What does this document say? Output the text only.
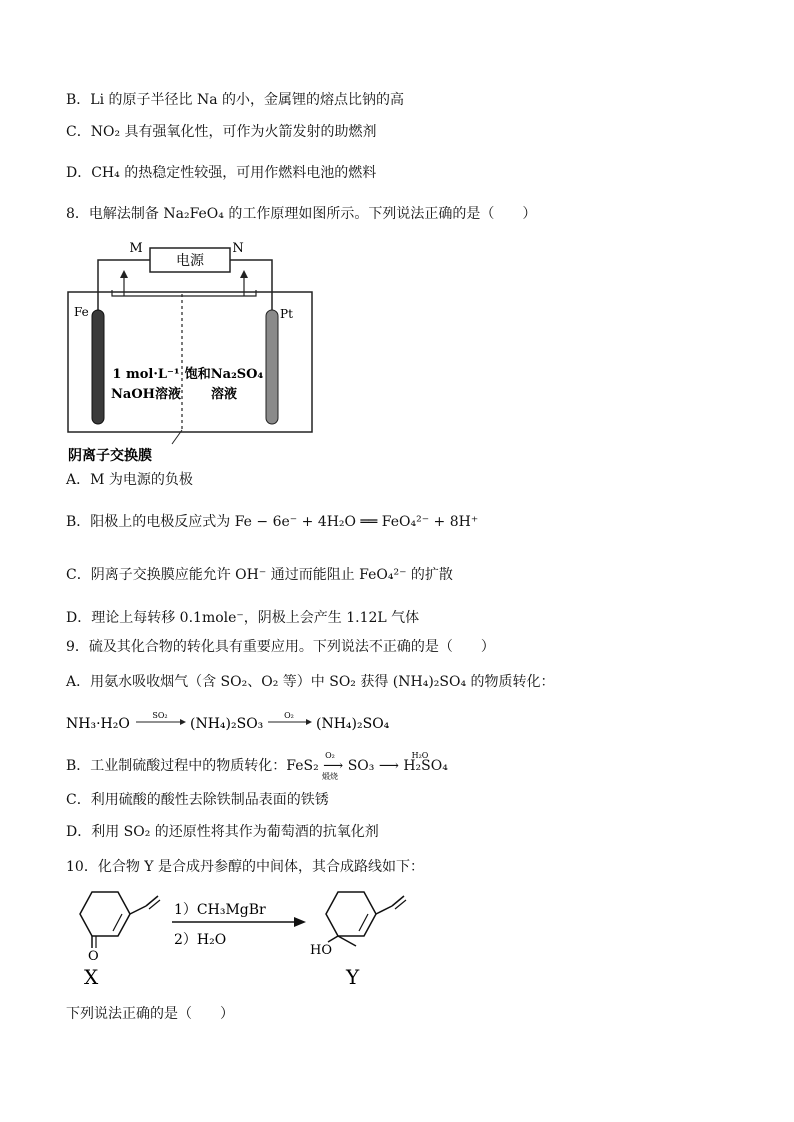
B．Li 的原子半径比 Na 的小，金属锂的熔点比钠的高
C．NO₂ 具有强氧化性，可作为火箭发射的助燃剂
D．CH₄ 的热稳定性较强，可用作燃料电池的燃料
8．电解法制备 Na₂FeO₄ 的工作原理如图所示。下列说法正确的是（　　）
电源
M	N
Fe	Pt
1 mol·L⁻¹
NaOH溶液
饱和Na₂SO₄
溶液
阴离子交换膜
A．M 为电源的负极
B．阳极上的电极反应式为 Fe − 6e⁻ + 4H₂O ══ FeO₄²⁻ + 8H⁺
C．阴离子交换膜应能允许 OH⁻ 通过而能阻止 FeO₄²⁻ 的扩散
D．理论上每转移 0.1mole⁻，阴极上会产生 1.12L 气体
9．硫及其化合物的转化具有重要应用。下列说法不正确的是（　　）
A．用氨水吸收烟气（含 SO₂、O₂ 等）中 SO₂ 获得 (NH₄)₂SO₄ 的物质转化：
NH₃·H₂O
SO₂
(NH₄)₂SO₃
O₂
(NH₄)₂SO₄
B．工业制硫酸过程中的物质转化：FeS₂ ⟶ SO₃ ⟶ H₂SO₄
O₂
煅烧
H₂O
C．利用硫酸的酸性去除铁制品表面的铁锈
D．利用 SO₂ 的还原性将其作为葡萄酒的抗氧化剂
10．化合物 Y 是合成丹参醇的中间体，其合成路线如下：
O
X
1）CH₃MgBr
2）H₂O
HO
Y
下列说法正确的是（　　）
